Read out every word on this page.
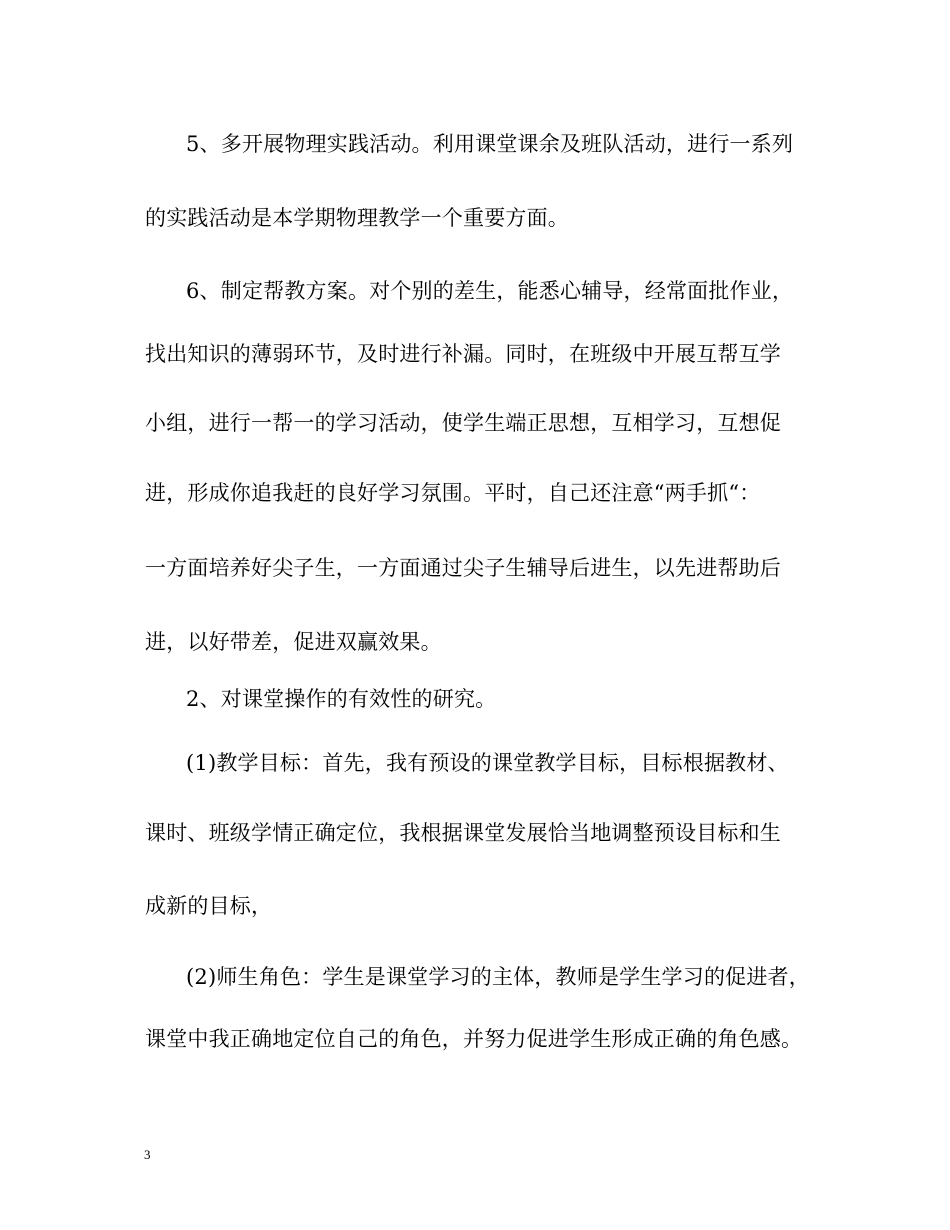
5、多开展物理实践活动。利用课堂课余及班队活动，进行一系列
的实践活动是本学期物理教学一个重要方面。
6、制定帮教方案。对个别的差生，能悉心辅导，经常面批作业，
找出知识的薄弱环节，及时进行补漏。同时，在班级中开展互帮互学
小组，进行一帮一的学习活动，使学生端正思想，互相学习，互想促
进，形成你追我赶的良好学习氛围。平时，自己还注意“两手抓“：
一方面培养好尖子生，一方面通过尖子生辅导后进生，以先进帮助后
进，以好带差，促进双赢效果。
2、对课堂操作的有效性的研究。
(1)教学目标：首先，我有预设的课堂教学目标，目标根据教材、
课时、班级学情正确定位，我根据课堂发展恰当地调整预设目标和生
成新的目标，
(2)师生角色：学生是课堂学习的主体，教师是学生学习的促进者，
课堂中我正确地定位自己的角色，并努力促进学生形成正确的角色感。
3
